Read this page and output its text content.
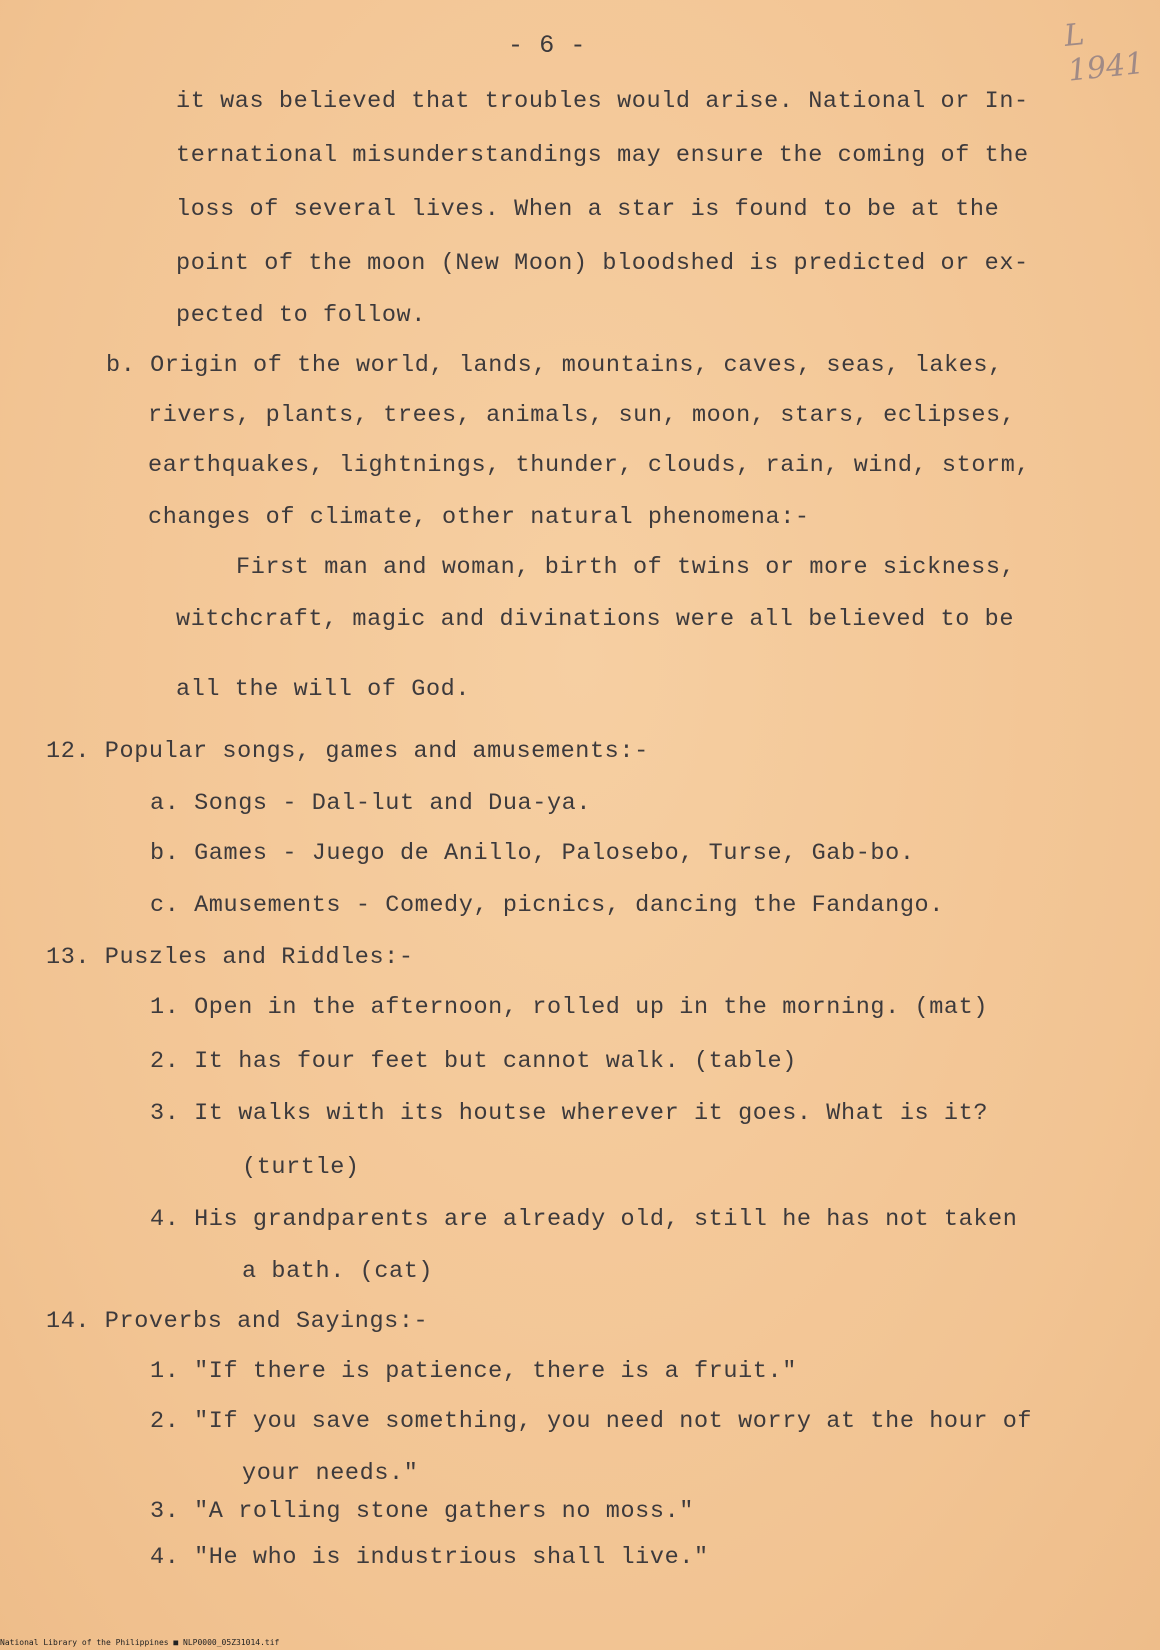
- 6 -	L 1941
it was believed that troubles would arise. National or In-
ternational misunderstandings may ensure the coming of the
loss of several lives. When a star is found to be at the
point of the moon (New Moon) bloodshed is predicted or ex-
pected to follow.
b. Origin of the world, lands, mountains, caves, seas, lakes,
rivers, plants, trees, animals, sun, moon, stars, eclipses,
earthquakes, lightnings, thunder, clouds, rain, wind, storm,
changes of climate, other natural phenomena:-
First man and woman, birth of twins or more sickness,
witchcraft, magic and divinations were all believed to be
all the will of God.
12. Popular songs, games and amusements:-
a. Songs - Dal-lut and Dua-ya.
b. Games - Juego de Anillo, Palosebo, Turse, Gab-bo.
c. Amusements - Comedy, picnics, dancing the Fandango.
13. Puszles and Riddles:-
1. Open in the afternoon, rolled up in the morning. (mat)
2. It has four feet but cannot walk. (table)
3. It walks with its houtse wherever it goes. What is it?
(turtle)
4. His grandparents are already old, still he has not taken
a bath. (cat)
14. Proverbs and Sayings:-
1. "If there is patience, there is a fruit."
2. "If you save something, you need not worry at the hour of
your needs."
3. "A rolling stone gathers no moss."
4. "He who is industrious shall live."
National Library of the Philippines ■ NLP0000_05Z31014.tif
